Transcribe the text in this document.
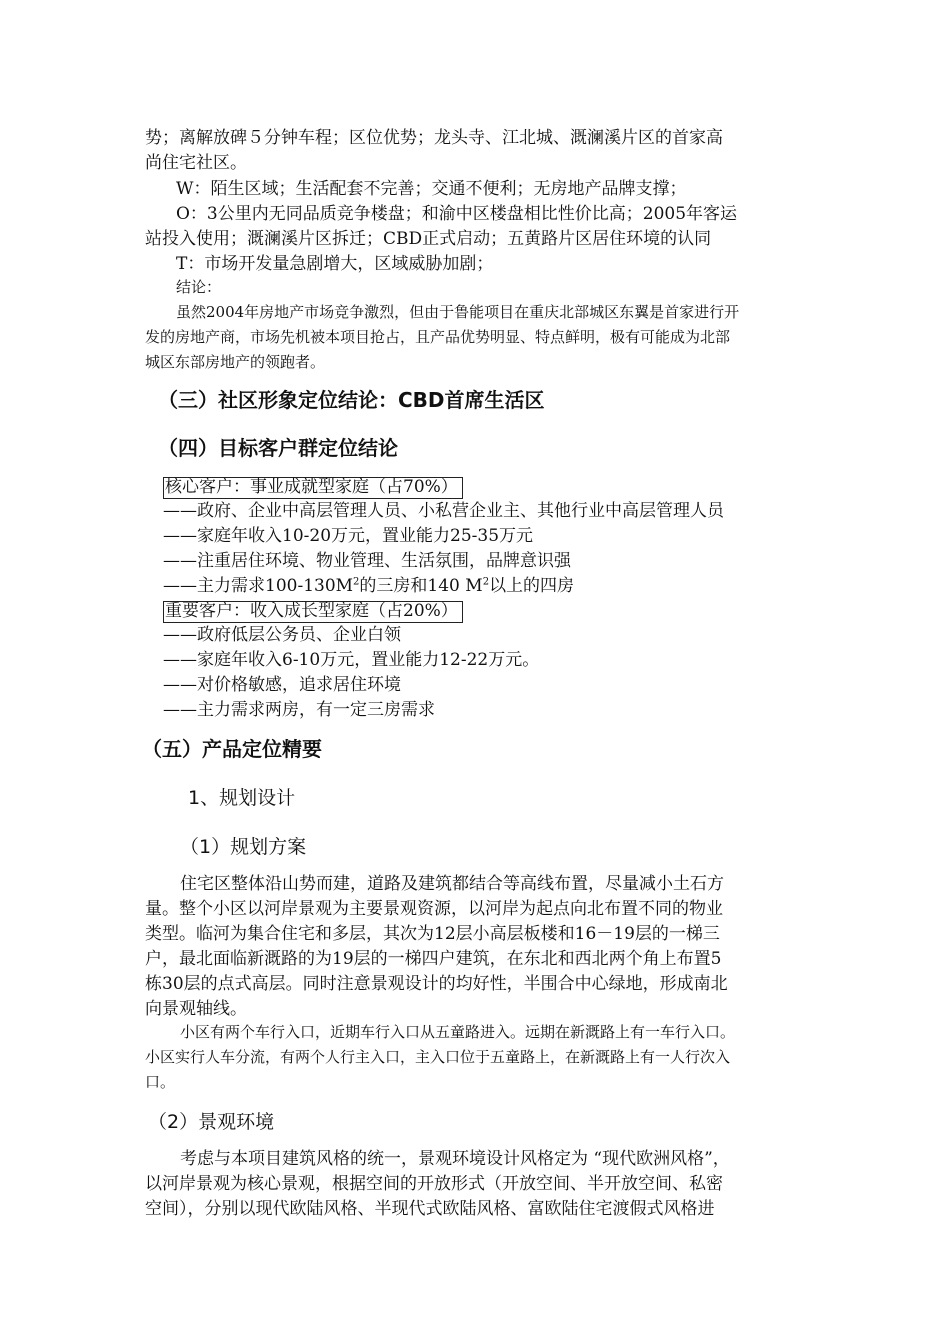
势；离解放碑５分钟车程；区位优势；龙头寺、江北城、溉澜溪片区的首家高
尚住宅社区。
W：陌生区域；生活配套不完善；交通不便利；无房地产品牌支撑；
O：3公里内无同品质竞争楼盘；和渝中区楼盘相比性价比高；2005年客运
站投入使用；溉澜溪片区拆迁；CBD正式启动；五黄路片区居住环境的认同
T：市场开发量急剧增大，区域威胁加剧；
结论：
虽然2004年房地产市场竞争激烈，但由于鲁能项目在重庆北部城区东翼是首家进行开
发的房地产商，市场先机被本项目抢占，且产品优势明显、特点鲜明，极有可能成为北部
城区东部房地产的领跑者。
（三）社区形象定位结论：CBD首席生活区
（四）目标客户群定位结论
核心客户：事业成就型家庭（占70%）
——政府、企业中高层管理人员、小私营企业主、其他行业中高层管理人员
——家庭年收入10-20万元，置业能力25-35万元
——注重居住环境、物业管理、生活氛围，品牌意识强
——主力需求$100-130M^2$的三房和140 $M^2$以上的四房
重要客户：收入成长型家庭（占20%）
——政府低层公务员、企业白领
——家庭年收入6-10万元，置业能力12-22万元。
——对价格敏感，追求居住环境
——主力需求两房，有一定三房需求
（五）产品定位精要
1、规划设计
（1）规划方案
住宅区整体沿山势而建，道路及建筑都结合等高线布置，尽量减小土石方
量。整个小区以河岸景观为主要景观资源，以河岸为起点向北布置不同的物业
类型。临河为集合住宅和多层，其次为12层小高层板楼和16－19层的一梯三
户，最北面临新溉路的为19层的一梯四户建筑，在东北和西北两个角上布置5
栋30层的点式高层。同时注意景观设计的均好性，半围合中心绿地，形成南北
向景观轴线。
小区有两个车行入口，近期车行入口从五童路进入。远期在新溉路上有一车行入口。
小区实行人车分流，有两个人行主入口，主入口位于五童路上，在新溉路上有一人行次入
口。
（2）景观环境
考虑与本项目建筑风格的统一，景观环境设计风格定为 “现代欧洲风格”，
以河岸景观为核心景观，根据空间的开放形式（开放空间、半开放空间、私密
空间），分别以现代欧陆风格、半现代式欧陆风格、富欧陆住宅渡假式风格进
